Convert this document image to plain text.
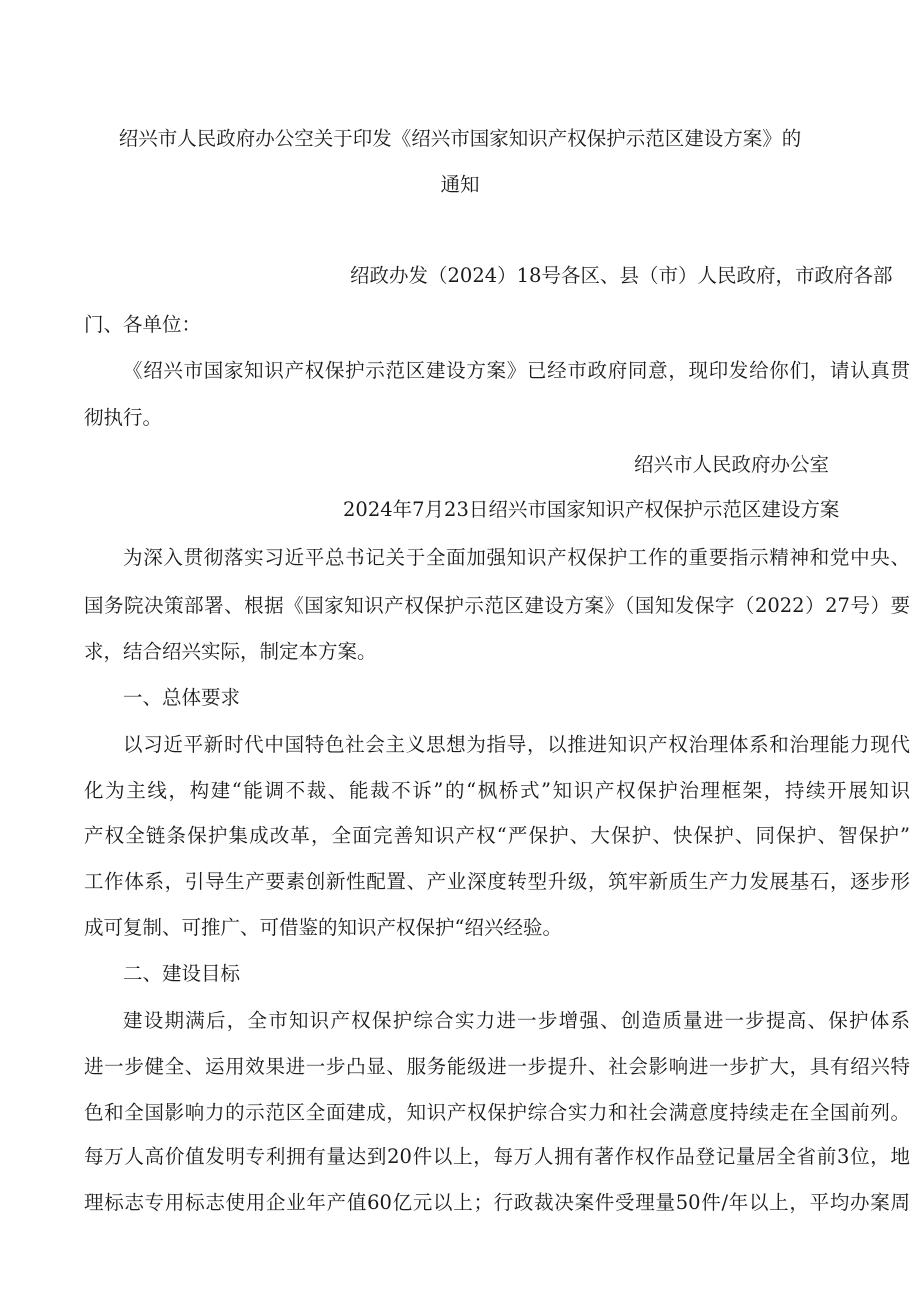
绍兴市人民政府办公空关于印发《绍兴市国家知识产权保护示范区建设方案》的
通知
绍政办发（2024）18号各区、县（市）人民政府，市政府各部
门、各单位：
《绍兴市国家知识产权保护示范区建设方案》已经市政府同意，现印发给你们，请认真贯
彻执行。
绍兴市人民政府办公室
2024年7月23日绍兴市国家知识产权保护示范区建设方案
为深入贯彻落实习近平总书记关于全面加强知识产权保护工作的重要指示精神和党中央、
国务院决策部署、根据《国家知识产权保护示范区建设方案》（国知发保字（2022）27号）要
求，结合绍兴实际，制定本方案。
一、总体要求
以习近平新时代中国特色社会主义思想为指导，以推进知识产权治理体系和治理能力现代
化为主线，构建“能调不裁、能裁不诉”的“枫桥式”知识产权保护治理框架，持续开展知识
产权全链条保护集成改革，全面完善知识产权“严保护、大保护、快保护、同保护、智保护”
工作体系，引导生产要素创新性配置、产业深度转型升级，筑牢新质生产力发展基石，逐步形
成可复制、可推广、可借鉴的知识产权保护“绍兴经验。
二、建设目标
建设期满后，全市知识产权保护综合实力进一步增强、创造质量进一步提高、保护体系
进一步健全、运用效果进一步凸显、服务能级进一步提升、社会影响进一步扩大，具有绍兴特
色和全国影响力的示范区全面建成，知识产权保护综合实力和社会满意度持续走在全国前列。
每万人高价值发明专利拥有量达到20件以上，每万人拥有著作权作品登记量居全省前3位，地
理标志专用标志使用企业年产值60亿元以上；行政裁决案件受理量50件/年以上，平均办案周
